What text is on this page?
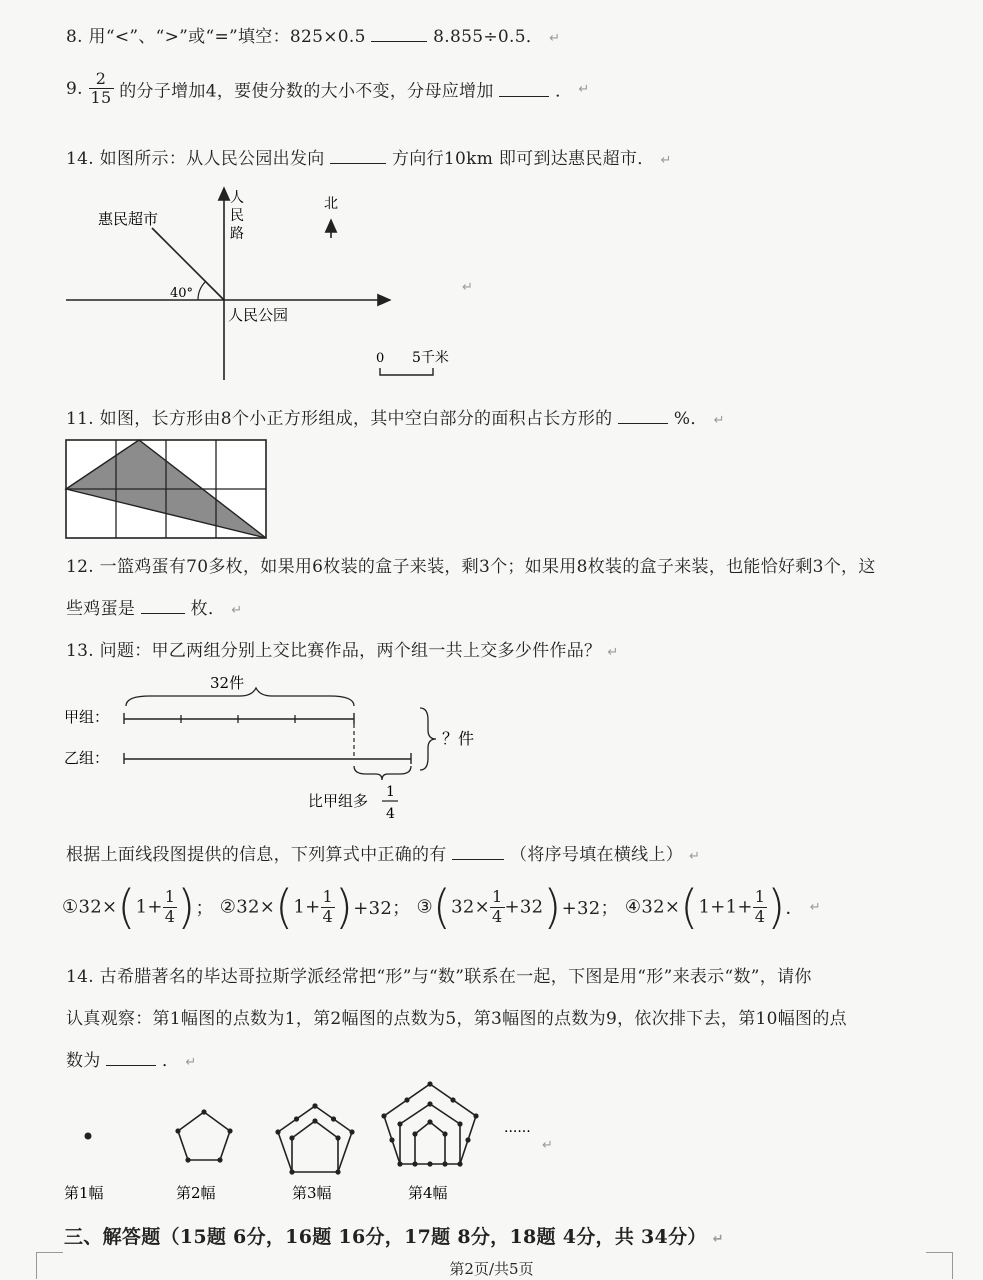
8. 用“<”、“>”或“=”填空：825×0.5	8.855÷0.5． ↵
9. $\frac{2}{15}$ 的分子增加4，要使分数的大小不变，分母应增加	． ↵
14. 如图所示：从人民公园出发向	方向行10km 即可到达惠民超市． ↵
惠民超市
40°
人
民
路
人民公园
北
0 5千米
↵
11. 如图，长方形由8个小正方形组成，其中空白部分的面积占长方形的	%． ↵
12. 一篮鸡蛋有70多枚，如果用6枚装的盒子来装，剩3个；如果用8枚装的盒子来装，也能恰好剩3个，这
些鸡蛋是	枚． ↵
13. 问题：甲乙两组分别上交比赛作品，两个组一共上交多少件作品？ ↵
32件
甲组：
乙组：
？件
比甲组多 1
4
根据上面线段图提供的信息，下列算式中正确的有	（将序号填在横线上） ↵
①32×(1+ $\frac{1}{4}$ )； ②32×(1+ $\frac{1}{4} )+32$； ③(32× $\frac{1}{4} +32)+32$； ④32×(1+1+ $\frac{1}{4}$ )． ↵
14. 古希腊著名的毕达哥拉斯学派经常把“形”与“数”联系在一起，下图是用“形”来表示“数”，请你
认真观察：第1幅图的点数为1，第2幅图的点数为5，第3幅图的点数为9，依次排下去，第10幅图的点
数为	． ↵
......
第1幅	第2幅	第3幅	第4幅
↵
三、解答题（15题 6分，16题 16分，17题 8分，18题 4分，共 34分） ↵
第2页/共5页
